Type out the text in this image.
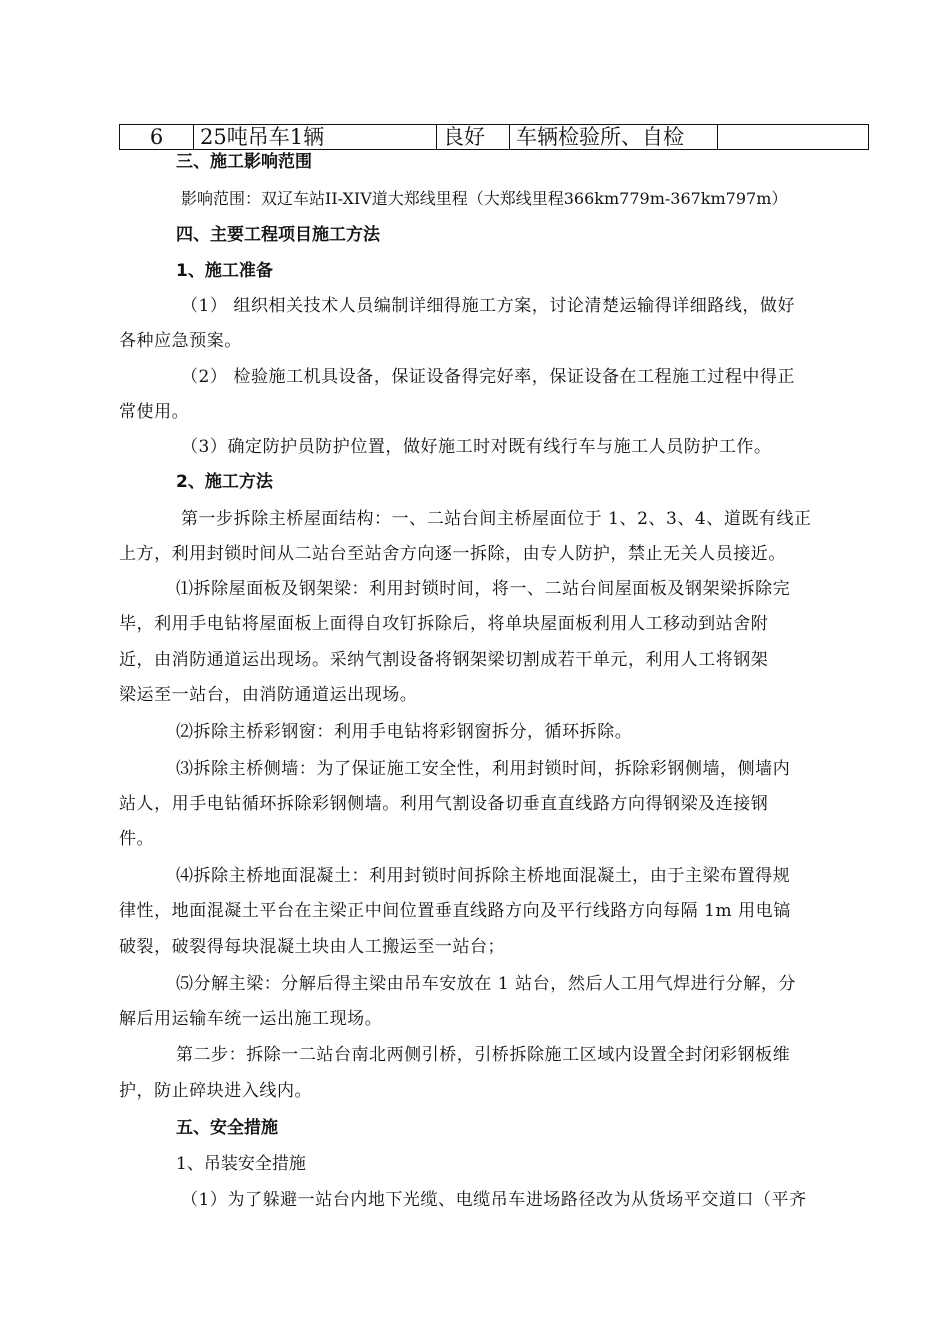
6	25吨吊车1辆	良好	车辆检验所、自检	
三、施工影响范围
影响范围：双辽车站II-XIV道大郑线里程（大郑线里程366km779m-367km797m）
四、主要工程项目施工方法
1、施工准备
（1） 组织相关技术人员编制详细得施工方案，讨论清楚运输得详细路线，做好
各种应急预案。
（2） 检验施工机具设备，保证设备得完好率，保证设备在工程施工过程中得正
常使用。
（3）确定防护员防护位置，做好施工时对既有线行车与施工人员防护工作。
2、施工方法
第一步拆除主桥屋面结构：一、二站台间主桥屋面位于 1、2、3、4、道既有线正
上方，利用封锁时间从二站台至站舍方向逐一拆除，由专人防护，禁止无关人员接近。
⑴拆除屋面板及钢架梁：利用封锁时间，将一、二站台间屋面板及钢架梁拆除完
毕，利用手电钻将屋面板上面得自攻钉拆除后，将单块屋面板利用人工移动到站舍附
近，由消防通道运出现场。采纳气割设备将钢架梁切割成若干单元，利用人工将钢架
梁运至一站台，由消防通道运出现场。
⑵拆除主桥彩钢窗：利用手电钻将彩钢窗拆分，循环拆除。
⑶拆除主桥侧墙：为了保证施工安全性，利用封锁时间，拆除彩钢侧墙，侧墙内
站人，用手电钻循环拆除彩钢侧墙。利用气割设备切垂直直线路方向得钢梁及连接钢
件。
⑷拆除主桥地面混凝土：利用封锁时间拆除主桥地面混凝土，由于主梁布置得规
律性，地面混凝土平台在主梁正中间位置垂直线路方向及平行线路方向每隔 1m 用电镐
破裂，破裂得每块混凝土块由人工搬运至一站台；
⑸分解主梁：分解后得主梁由吊车安放在 1 站台，然后人工用气焊进行分解，分
解后用运输车统一运出施工现场。
第二步：拆除一二站台南北两侧引桥，引桥拆除施工区域内设置全封闭彩钢板维
护，防止碎块进入线内。
五、安全措施
1、吊装安全措施
（1）为了躲避一站台内地下光缆、电缆吊车进场路径改为从货场平交道口（平齐
